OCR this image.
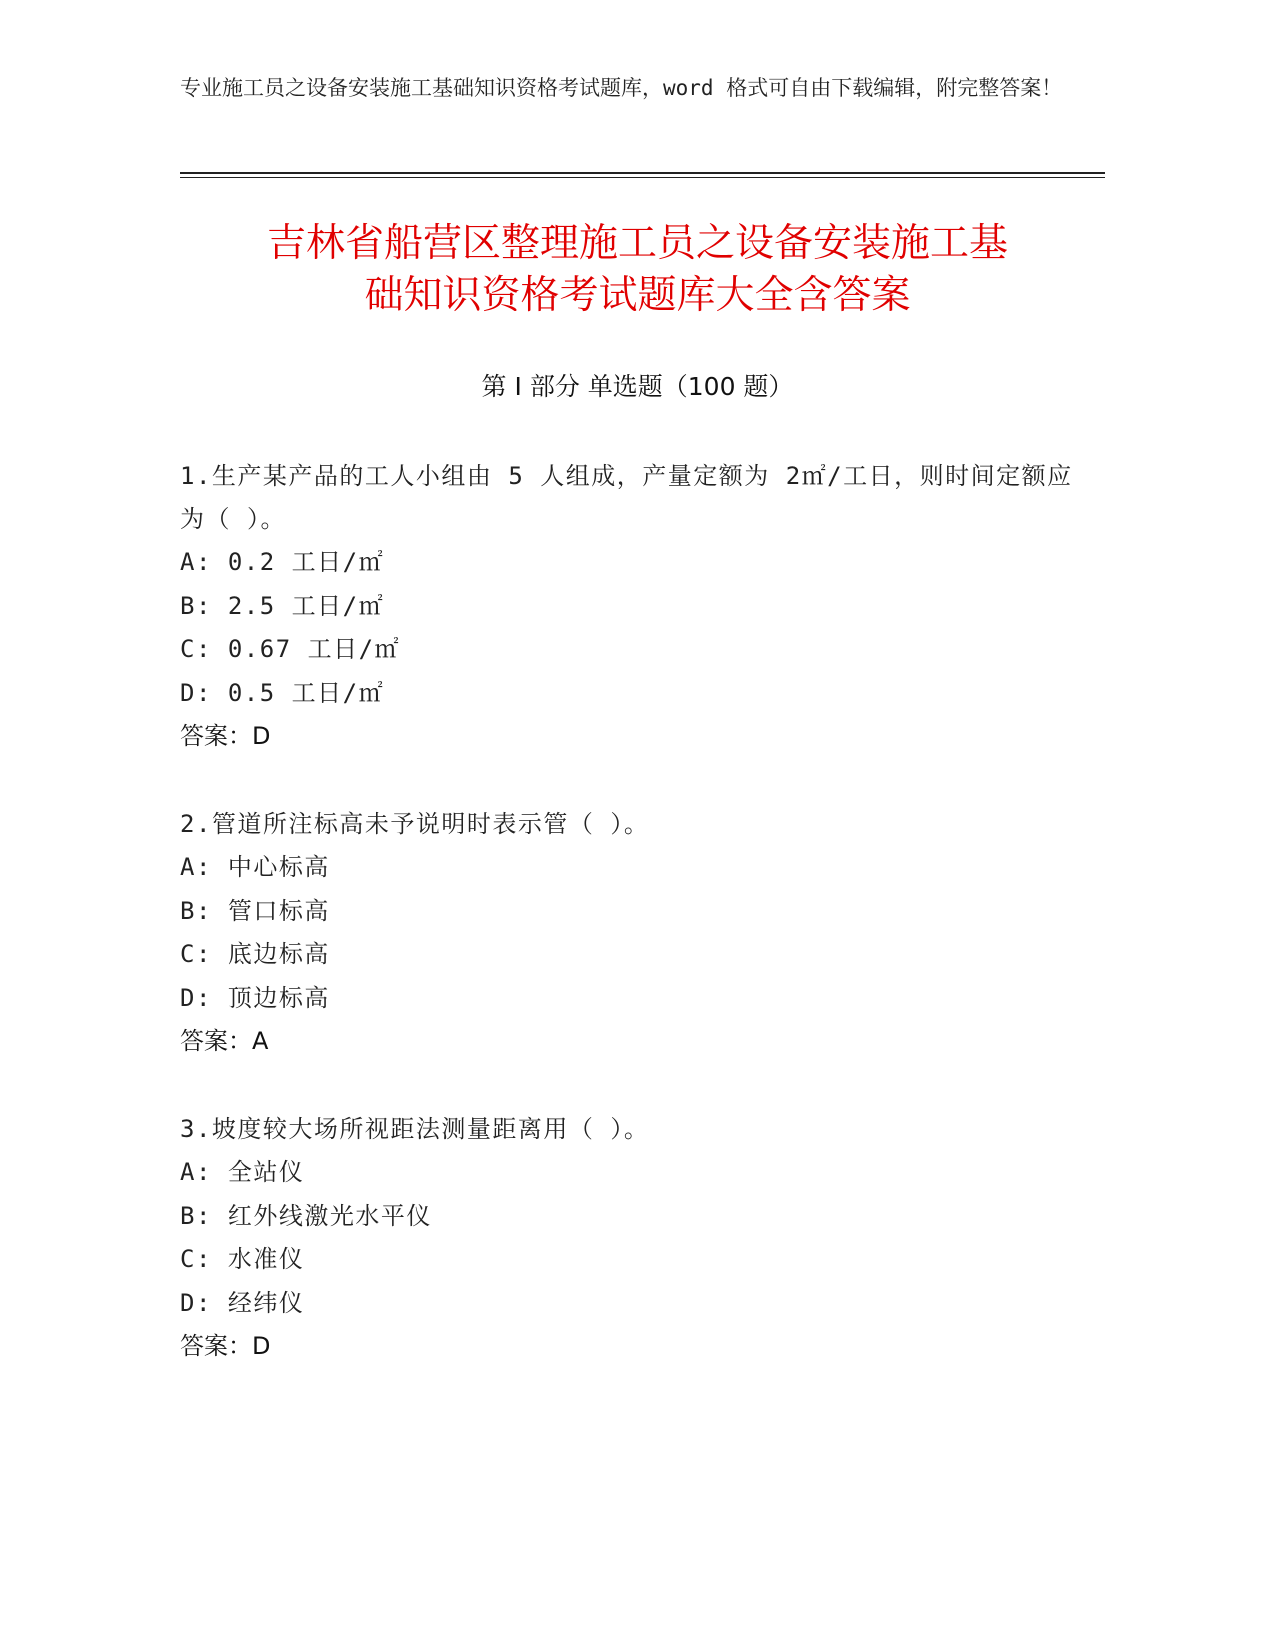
专业施工员之设备安装施工基础知识资格考试题库，word 格式可自由下载编辑，附完整答案！
吉林省船营区整理施工员之设备安装施工基
础知识资格考试题库大全含答案
第 I 部分 单选题（100 题）
1.生产某产品的工人小组由 5 人组成，产量定额为 2㎡/工日，则时间定额应为（ ）。
A: 0.2 工日/㎡
B: 2.5 工日/㎡
C: 0.67 工日/㎡
D: 0.5 工日/㎡
答案：D
2.管道所注标高未予说明时表示管（ ）。
A: 中心标高
B: 管口标高
C: 底边标高
D: 顶边标高
答案：A
3.坡度较大场所视距法测量距离用（ ）。
A: 全站仪
B: 红外线激光水平仪
C: 水准仪
D: 经纬仪
答案：D
